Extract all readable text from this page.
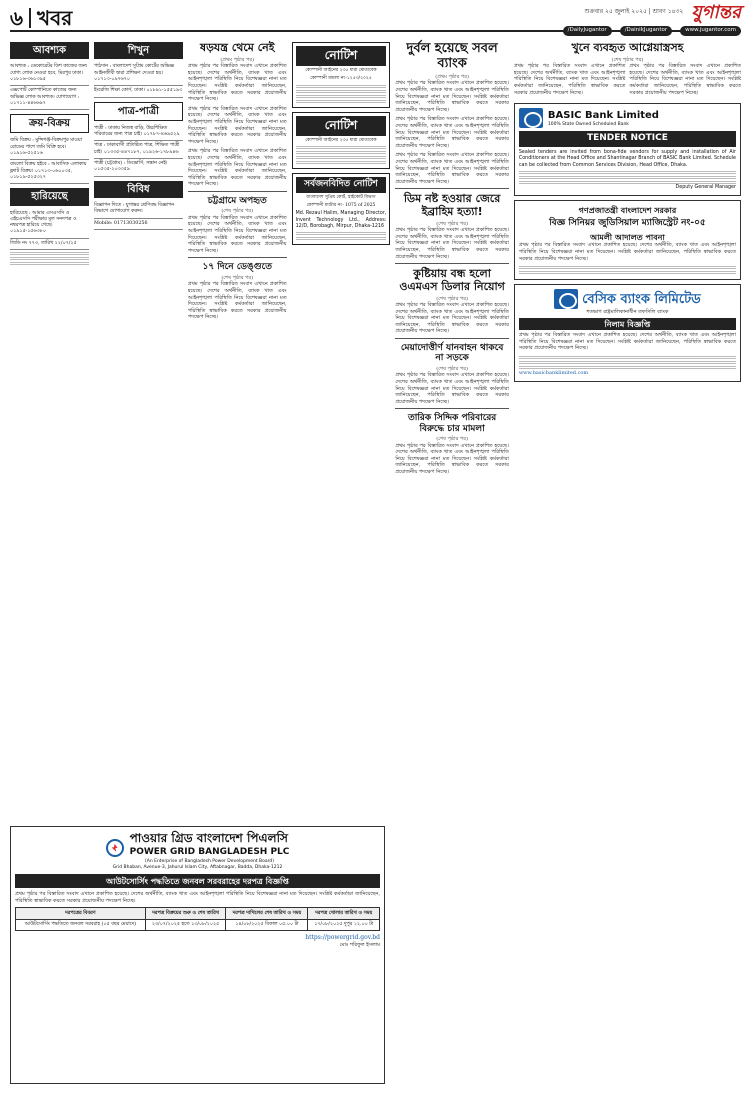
৬ খবর	শুক্রবার ২৫ জুলাই ২০২৫ | শ্রাবণ ১৪৩২ যুগান্তর
/DailyJugantor	/DainikJugantor	www.jugantor.com
আবশ্যক
আবশ্যক : ডেকোরেটর ডিশ কাজের জন্য যোগ্য লোক নেওয়া হবে, মিরপুর ঢাকা। ০১৮১৬-৩৬১৩৯৫
এক্সপোর্ট কোম্পানিতে কাজের জন্য অভিজ্ঞ লোক আবশ্যক। যোগাযোগ : ০১৭১১-৪৪৬৬৯৭
ক্রয়-বিক্রয়
জমি বিক্রয় : মুন্সিগঞ্জ-বিক্রমপুর মাওয়া রোডের পাশে জমি বিক্রি হবে। ০১৯১৬-৫২৫১৬
বাংলো বিক্রয় হইবে : আবাসিক এলাকায় ফ্ল্যাট বিক্রয়। ০১৭১৩-০৬০০৩৫, ০১৮১৯-৫২৫৩২৭
হারিয়েছে
হারিয়েছে : আমার এসএসসি ও এইচএসসি পরীক্ষার মূল সনদপত্র ও নম্বরপত্র হারিয়ে গেছে। ০১৯১৫-১৫৬৩৮০
জিডি নং ৭৭৩, তারিখ ২২/০৭/২৫
শিখুন
পাঠদান : বাংলাদেশ সুপ্রিম কোর্টের অভিজ্ঞ আইনজীবী দ্বারা প্রশিক্ষণ দেওয়া হয়। ০১৭১৩-০৯৭৬৭০
ইংরেজি শিক্ষা কোর্স, ঢাকা। ০১৮৯১-১৫৫১৯৩
পাত্র-পাত্রী
পাত্রী : ঢাকায় নিজস্ব বাড়ি, উচ্চশিক্ষিত পরিবারের জন্য পাত্র চাই। ০১৭৮৭-৪৬৯৫২৯
পাত্র : ঢাকাবাসী প্রতিষ্ঠিত পাত্র, শিক্ষিত পাত্রী চাই। ০১৩৩৫-৪৪৭১৮৭, ০১৯২৬-১৭৮৯৪৬
পাত্রী (চট্টগ্রাম) : ডিভোর্সি, সন্তান নেই। ০১৫৩৫-২০৩৩৫৯
বিবিধ
বিজ্ঞাপন দিতে : যুগান্তর শ্রেণিবদ্ধ বিজ্ঞাপন বিভাগে যোগাযোগ করুন।
Mobile: 01713030256
ষড়যন্ত্র থেমে নেই
(প্রথম পৃষ্ঠার পর)

প্রথম পৃষ্ঠার পর বিস্তারিত সংবাদ এখানে প্রকাশিত হয়েছে। দেশের অর্থনীতি, ব্যাংক খাত এবং আইনশৃঙ্খলা পরিস্থিতি নিয়ে বিশেষজ্ঞরা নানা মত দিয়েছেন। সংশ্লিষ্ট কর্মকর্তারা জানিয়েছেন, পরিস্থিতি স্বাভাবিক করতে সরকার প্রয়োজনীয় পদক্ষেপ নিচ্ছে।

প্রথম পৃষ্ঠার পর বিস্তারিত সংবাদ এখানে প্রকাশিত হয়েছে। দেশের অর্থনীতি, ব্যাংক খাত এবং আইনশৃঙ্খলা পরিস্থিতি নিয়ে বিশেষজ্ঞরা নানা মত দিয়েছেন। সংশ্লিষ্ট কর্মকর্তারা জানিয়েছেন, পরিস্থিতি স্বাভাবিক করতে সরকার প্রয়োজনীয় পদক্ষেপ নিচ্ছে।

প্রথম পৃষ্ঠার পর বিস্তারিত সংবাদ এখানে প্রকাশিত হয়েছে। দেশের অর্থনীতি, ব্যাংক খাত এবং আইনশৃঙ্খলা পরিস্থিতি নিয়ে বিশেষজ্ঞরা নানা মত দিয়েছেন। সংশ্লিষ্ট কর্মকর্তারা জানিয়েছেন, পরিস্থিতি স্বাভাবিক করতে সরকার প্রয়োজনীয় পদক্ষেপ নিচ্ছে।

চট্টগ্রামে অপহৃত
(শেষ পৃষ্ঠার পর)

প্রথম পৃষ্ঠার পর বিস্তারিত সংবাদ এখানে প্রকাশিত হয়েছে। দেশের অর্থনীতি, ব্যাংক খাত এবং আইনশৃঙ্খলা পরিস্থিতি নিয়ে বিশেষজ্ঞরা নানা মত দিয়েছেন। সংশ্লিষ্ট কর্মকর্তারা জানিয়েছেন, পরিস্থিতি স্বাভাবিক করতে সরকার প্রয়োজনীয় পদক্ষেপ নিচ্ছে।

১৭ দিনে ডেঙ্গুতে
(শেষ পৃষ্ঠার পর)

প্রথম পৃষ্ঠার পর বিস্তারিত সংবাদ এখানে প্রকাশিত হয়েছে। দেশের অর্থনীতি, ব্যাংক খাত এবং আইনশৃঙ্খলা পরিস্থিতি নিয়ে বিশেষজ্ঞরা নানা মত দিয়েছেন। সংশ্লিষ্ট কর্মকর্তারা জানিয়েছেন, পরিস্থিতি স্বাভাবিক করতে সরকার প্রয়োজনীয় পদক্ষেপ নিচ্ছে।

নোটিশ
কোম্পানী আইনের ২৩৫ ধারা মোতাবেক
কোম্পানী মামলা নং-১২৫৩/২০২৫
নোটিশ
কোম্পানী আইনের ২৩৫ ধারা মোতাবেক
সর্বজনবিদিত নোটিশ
বাংলাদেশ সুপ্রিম কোর্ট, হাইকোর্ট বিভাগ
কোম্পানী ম্যাটার নং- 1075 of 2025

Md. Rezaul Halim, Managing Director, Invent Technology Ltd., Address: 12/D, Borobagh, Mirpur, Dhaka-1216

দুর্বল হয়েছে সবল ব্যাংক
(প্রথম পৃষ্ঠার পর)

প্রথম পৃষ্ঠার পর বিস্তারিত সংবাদ এখানে প্রকাশিত হয়েছে। দেশের অর্থনীতি, ব্যাংক খাত এবং আইনশৃঙ্খলা পরিস্থিতি নিয়ে বিশেষজ্ঞরা নানা মত দিয়েছেন। সংশ্লিষ্ট কর্মকর্তারা জানিয়েছেন, পরিস্থিতি স্বাভাবিক করতে সরকার প্রয়োজনীয় পদক্ষেপ নিচ্ছে।

প্রথম পৃষ্ঠার পর বিস্তারিত সংবাদ এখানে প্রকাশিত হয়েছে। দেশের অর্থনীতি, ব্যাংক খাত এবং আইনশৃঙ্খলা পরিস্থিতি নিয়ে বিশেষজ্ঞরা নানা মত দিয়েছেন। সংশ্লিষ্ট কর্মকর্তারা জানিয়েছেন, পরিস্থিতি স্বাভাবিক করতে সরকার প্রয়োজনীয় পদক্ষেপ নিচ্ছে।

প্রথম পৃষ্ঠার পর বিস্তারিত সংবাদ এখানে প্রকাশিত হয়েছে। দেশের অর্থনীতি, ব্যাংক খাত এবং আইনশৃঙ্খলা পরিস্থিতি নিয়ে বিশেষজ্ঞরা নানা মত দিয়েছেন। সংশ্লিষ্ট কর্মকর্তারা জানিয়েছেন, পরিস্থিতি স্বাভাবিক করতে সরকার প্রয়োজনীয় পদক্ষেপ নিচ্ছে।

ডিম নষ্ট হওয়ার জেরে ইব্রাহিম হত্যা!
(শেষ পৃষ্ঠার পর)

প্রথম পৃষ্ঠার পর বিস্তারিত সংবাদ এখানে প্রকাশিত হয়েছে। দেশের অর্থনীতি, ব্যাংক খাত এবং আইনশৃঙ্খলা পরিস্থিতি নিয়ে বিশেষজ্ঞরা নানা মত দিয়েছেন। সংশ্লিষ্ট কর্মকর্তারা জানিয়েছেন, পরিস্থিতি স্বাভাবিক করতে সরকার প্রয়োজনীয় পদক্ষেপ নিচ্ছে।

কুষ্টিয়ায় বন্ধ হলো ওএমএস ডিলার নিয়োগ
(শেষ পৃষ্ঠার পর)

প্রথম পৃষ্ঠার পর বিস্তারিত সংবাদ এখানে প্রকাশিত হয়েছে। দেশের অর্থনীতি, ব্যাংক খাত এবং আইনশৃঙ্খলা পরিস্থিতি নিয়ে বিশেষজ্ঞরা নানা মত দিয়েছেন। সংশ্লিষ্ট কর্মকর্তারা জানিয়েছেন, পরিস্থিতি স্বাভাবিক করতে সরকার প্রয়োজনীয় পদক্ষেপ নিচ্ছে।

মেয়াদোত্তীর্ণ যানবাহন থাকবে না সড়কে
(শেষ পৃষ্ঠার পর)

প্রথম পৃষ্ঠার পর বিস্তারিত সংবাদ এখানে প্রকাশিত হয়েছে। দেশের অর্থনীতি, ব্যাংক খাত এবং আইনশৃঙ্খলা পরিস্থিতি নিয়ে বিশেষজ্ঞরা নানা মত দিয়েছেন। সংশ্লিষ্ট কর্মকর্তারা জানিয়েছেন, পরিস্থিতি স্বাভাবিক করতে সরকার প্রয়োজনীয় পদক্ষেপ নিচ্ছে।

তারিক সিদ্দিক পরিবারের বিরুদ্ধে চার মামলা
(শেষ পৃষ্ঠার পর)

প্রথম পৃষ্ঠার পর বিস্তারিত সংবাদ এখানে প্রকাশিত হয়েছে। দেশের অর্থনীতি, ব্যাংক খাত এবং আইনশৃঙ্খলা পরিস্থিতি নিয়ে বিশেষজ্ঞরা নানা মত দিয়েছেন। সংশ্লিষ্ট কর্মকর্তারা জানিয়েছেন, পরিস্থিতি স্বাভাবিক করতে সরকার প্রয়োজনীয় পদক্ষেপ নিচ্ছে।

খুনে ব্যবহৃত আগ্নেয়াস্ত্রসহ
(শেষ পৃষ্ঠার পর)

প্রথম পৃষ্ঠার পর বিস্তারিত সংবাদ এখানে প্রকাশিত হয়েছে। দেশের অর্থনীতি, ব্যাংক খাত এবং আইনশৃঙ্খলা পরিস্থিতি নিয়ে বিশেষজ্ঞরা নানা মত দিয়েছেন। সংশ্লিষ্ট কর্মকর্তারা জানিয়েছেন, পরিস্থিতি স্বাভাবিক করতে সরকার প্রয়োজনীয় পদক্ষেপ নিচ্ছে।

প্রথম পৃষ্ঠার পর বিস্তারিত সংবাদ এখানে প্রকাশিত হয়েছে। দেশের অর্থনীতি, ব্যাংক খাত এবং আইনশৃঙ্খলা পরিস্থিতি নিয়ে বিশেষজ্ঞরা নানা মত দিয়েছেন। সংশ্লিষ্ট কর্মকর্তারা জানিয়েছেন, পরিস্থিতি স্বাভাবিক করতে সরকার প্রয়োজনীয় পদক্ষেপ নিচ্ছে।

BASIC Bank Limited
100% State Owned Scheduled Bank
TENDER NOTICE

Sealed tenders are invited from bona-fide vendors for supply and installation of Air Conditioners at the Head Office and Shantinagar Branch of BASIC Bank Limited. Schedule can be collected from Common Services Division, Head Office, Dhaka.

Deputy General Manager

গণপ্রজাতন্ত্রী বাংলাদেশ সরকার
বিজ্ঞ সিনিয়র জুডিসিয়াল ম্যাজিস্ট্রেট নং-০৫
আমলী আদালত পাবনা

প্রথম পৃষ্ঠার পর বিস্তারিত সংবাদ এখানে প্রকাশিত হয়েছে। দেশের অর্থনীতি, ব্যাংক খাত এবং আইনশৃঙ্খলা পরিস্থিতি নিয়ে বিশেষজ্ঞরা নানা মত দিয়েছেন। সংশ্লিষ্ট কর্মকর্তারা জানিয়েছেন, পরিস্থিতি স্বাভাবিক করতে সরকার প্রয়োজনীয় পদক্ষেপ নিচ্ছে।

বেসিক ব্যাংক লিমিটেড
শতভাগ রাষ্ট্রমালিকানাধীন তফসিলি ব্যাংক
নিলাম বিজ্ঞপ্তি

প্রথম পৃষ্ঠার পর বিস্তারিত সংবাদ এখানে প্রকাশিত হয়েছে। দেশের অর্থনীতি, ব্যাংক খাত এবং আইনশৃঙ্খলা পরিস্থিতি নিয়ে বিশেষজ্ঞরা নানা মত দিয়েছেন। সংশ্লিষ্ট কর্মকর্তারা জানিয়েছেন, পরিস্থিতি স্বাভাবিক করতে সরকার প্রয়োজনীয় পদক্ষেপ নিচ্ছে।

www.basicbanklimited.com
পাওয়ার গ্রিড বাংলাদেশ পিএলসি
POWER GRID BANGLADESH PLC
(An Enterprise of Bangladesh Power Development Board)
Grid Bhaban, Avenue-3, Jahurul Islam City, Aftabnagar, Badda, Dhaka-1212
আউটসোর্সিং পদ্ধতিতে জনবল সরবরাহের দরপত্র বিজ্ঞপ্তি

প্রথম পৃষ্ঠার পর বিস্তারিত সংবাদ এখানে প্রকাশিত হয়েছে। দেশের অর্থনীতি, ব্যাংক খাত এবং আইনশৃঙ্খলা পরিস্থিতি নিয়ে বিশেষজ্ঞরা নানা মত দিয়েছেন। সংশ্লিষ্ট কর্মকর্তারা জানিয়েছেন, পরিস্থিতি স্বাভাবিক করতে সরকার প্রয়োজনীয় পদক্ষেপ নিচ্ছে।

দরপত্রের বিবরণ	দরপত্র বিক্রয়ের শুরু ও শেষ তারিখ	দরপত্র দাখিলের শেষ তারিখ ও সময়	দরপত্র খোলার তারিখ ও সময়
আউটসোর্সিং পদ্ধতিতে জনবল সরবরাহ (০৫ বছর মেয়াদে)	২৩/০৭/২০২৫ হতে ১৩/০৮/২০২৫	১৪/০৮/২০২৫ বিকাল ০৫.০০ টা	১৭/০৮/২০২৫ দুপুর ১২.০০ টা
https://powergrid.gov.bd
মোঃ শরিফুল ইসলাম
